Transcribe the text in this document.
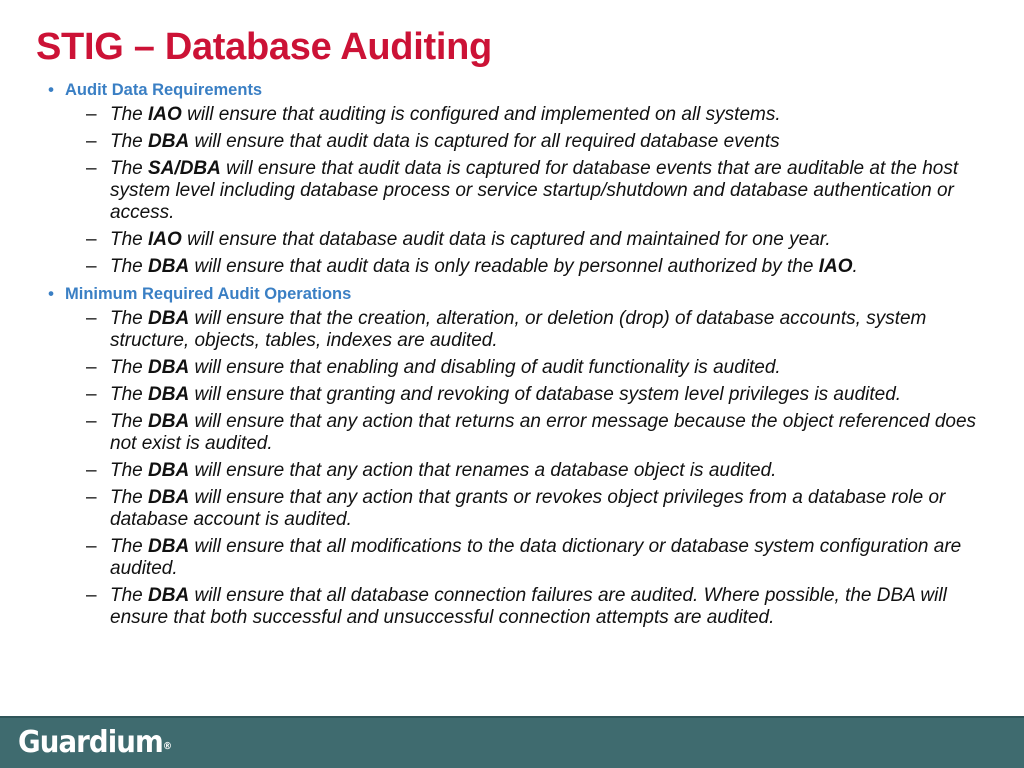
STIG – Database Auditing
• Audit Data Requirements
– The IAO will ensure that auditing is configured and implemented on all systems.
– The DBA will ensure that audit data is captured for all required database events
– The SA/DBA will ensure that audit data is captured for database events that are auditable at the host system level including database process or service startup/shutdown and database authentication or access.
– The IAO will ensure that database audit data is captured and maintained for one year.
– The DBA will ensure that audit data is only readable by personnel authorized by the IAO.
• Minimum Required Audit Operations
– The DBA will ensure that the creation, alteration, or deletion (drop) of database accounts, system structure, objects, tables, indexes are audited.
– The DBA will ensure that enabling and disabling of audit functionality is audited.
– The DBA will ensure that granting and revoking of database system level privileges is audited.
– The DBA will ensure that any action that returns an error message because the object referenced does not exist is audited.
– The DBA will ensure that any action that renames a database object is audited.
– The DBA will ensure that any action that grants or revokes object privileges from a database role or database account is audited.
– The DBA will ensure that all modifications to the data dictionary or database system configuration are audited.
– The DBA will ensure that all database connection failures are audited. Where possible, the DBA will ensure that both successful and unsuccessful connection attempts are audited.
Guardium®
